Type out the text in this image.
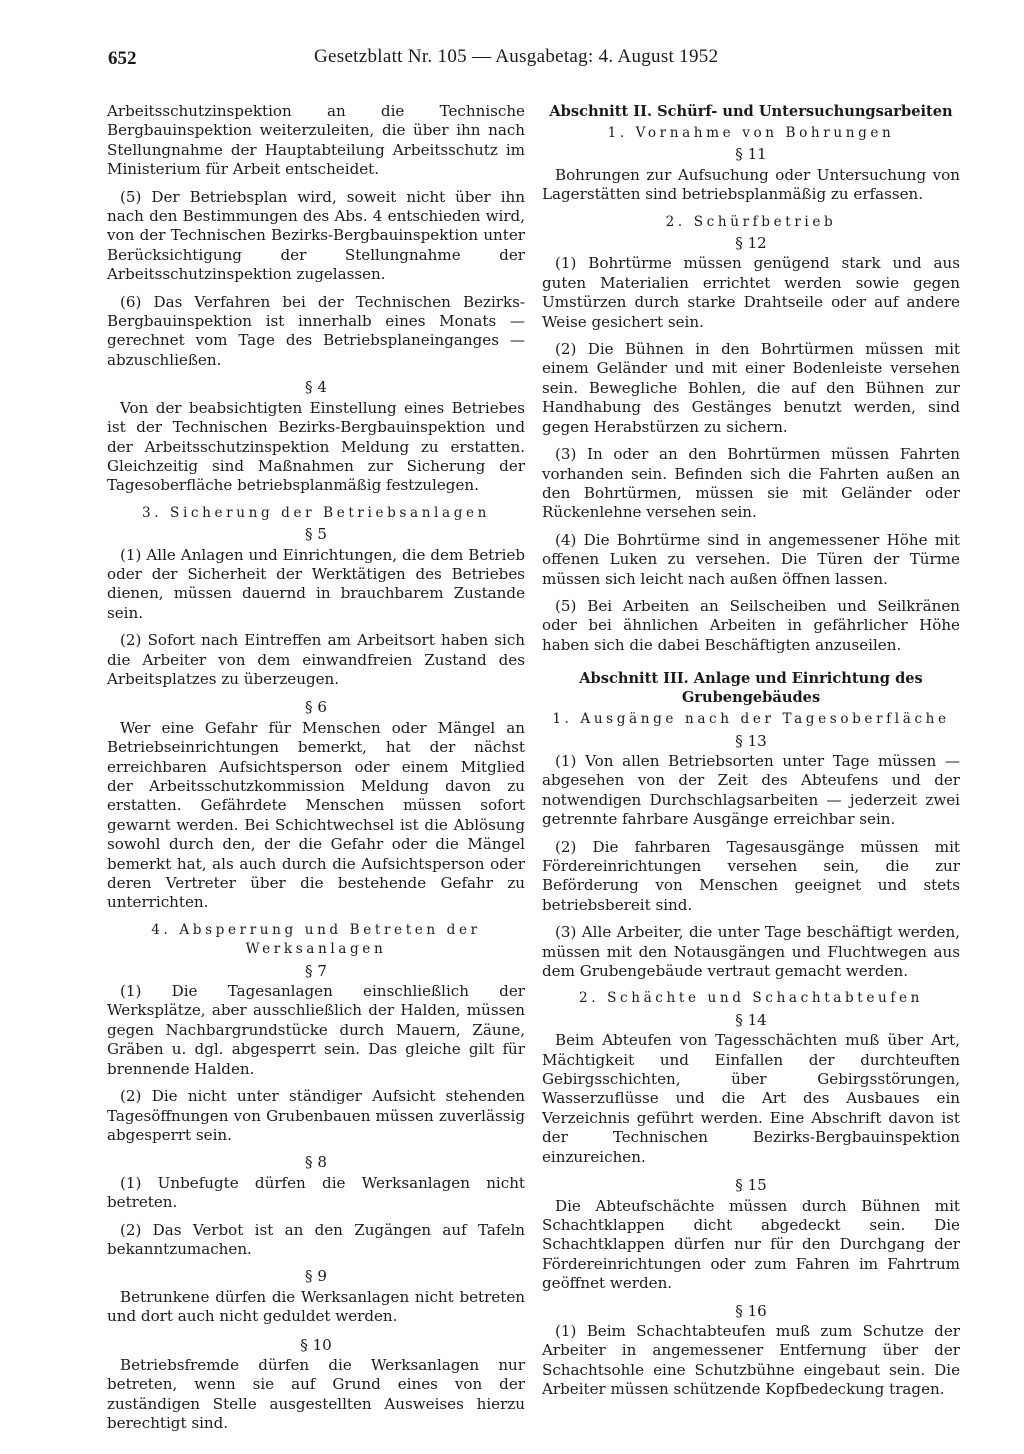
652	Gesetzblatt Nr. 105 — Ausgabetag: 4. August 1952

Arbeitsschutzinspektion an die Technische Bergbauinspektion weiterzuleiten, die über ihn nach Stellungnahme der Hauptabteilung Arbeitsschutz im Ministerium für Arbeit entscheidet.

(5) Der Betriebsplan wird, soweit nicht über ihn nach den Bestimmungen des Abs. 4 entschieden wird, von der Technischen Bezirks-Bergbauinspektion unter Berücksichtigung der Stellungnahme der Arbeitsschutzinspektion zugelassen.

(6) Das Verfahren bei der Technischen Bezirks-Bergbauinspektion ist innerhalb eines Monats — gerechnet vom Tage des Betriebsplaneinganges — abzuschließen.

§ 4

Von der beabsichtigten Einstellung eines Betriebes ist der Technischen Bezirks-Bergbauinspektion und der Arbeitsschutzinspektion Meldung zu erstatten. Gleichzeitig sind Maßnahmen zur Sicherung der Tagesoberfläche betriebsplanmäßig festzulegen.

3. Sicherung der Betriebsanlagen
§ 5

(1) Alle Anlagen und Einrichtungen, die dem Betrieb oder der Sicherheit der Werktätigen des Betriebes dienen, müssen dauernd in brauchbarem Zustande sein.

(2) Sofort nach Eintreffen am Arbeitsort haben sich die Arbeiter von dem einwandfreien Zustand des Arbeitsplatzes zu überzeugen.

§ 6

Wer eine Gefahr für Menschen oder Mängel an Betriebseinrichtungen bemerkt, hat der nächst erreichbaren Aufsichtsperson oder einem Mitglied der Arbeitsschutzkommission Meldung davon zu erstatten. Gefährdete Menschen müssen sofort gewarnt werden. Bei Schichtwechsel ist die Ablösung sowohl durch den, der die Gefahr oder die Mängel bemerkt hat, als auch durch die Aufsichtsperson oder deren Vertreter über die bestehende Gefahr zu unterrichten.

4. Absperrung und Betreten der Werksanlagen
§ 7

(1) Die Tagesanlagen einschließlich der Werksplätze, aber ausschließlich der Halden, müssen gegen Nachbargrundstücke durch Mauern, Zäune, Gräben u. dgl. abgesperrt sein. Das gleiche gilt für brennende Halden.

(2) Die nicht unter ständiger Aufsicht stehenden Tagesöffnungen von Grubenbauen müssen zuverlässig abgesperrt sein.

§ 8

(1) Unbefugte dürfen die Werksanlagen nicht betreten.

(2) Das Verbot ist an den Zugängen auf Tafeln bekanntzumachen.

§ 9

Betrunkene dürfen die Werksanlagen nicht betreten und dort auch nicht geduldet werden.

§ 10

Betriebsfremde dürfen die Werksanlagen nur betreten, wenn sie auf Grund eines von der zuständigen Stelle ausgestellten Ausweises hierzu berechtigt sind.

Abschnitt II. Schürf- und Untersuchungsarbeiten
1. Vornahme von Bohrungen
§ 11

Bohrungen zur Aufsuchung oder Untersuchung von Lagerstätten sind betriebsplanmäßig zu erfassen.

2. Schürfbetrieb
§ 12

(1) Bohrtürme müssen genügend stark und aus guten Materialien errichtet werden sowie gegen Umstürzen durch starke Drahtseile oder auf andere Weise gesichert sein.

(2) Die Bühnen in den Bohrtürmen müssen mit einem Geländer und mit einer Bodenleiste versehen sein. Bewegliche Bohlen, die auf den Bühnen zur Handhabung des Gestänges benutzt werden, sind gegen Herabstürzen zu sichern.

(3) In oder an den Bohrtürmen müssen Fahrten vorhanden sein. Befinden sich die Fahrten außen an den Bohrtürmen, müssen sie mit Geländer oder Rückenlehne versehen sein.

(4) Die Bohrtürme sind in angemessener Höhe mit offenen Luken zu versehen. Die Türen der Türme müssen sich leicht nach außen öffnen lassen.

(5) Bei Arbeiten an Seilscheiben und Seilkränen oder bei ähnlichen Arbeiten in gefährlicher Höhe haben sich die dabei Beschäftigten anzuseilen.

Abschnitt III. Anlage und Einrichtung des Grubengebäudes
1. Ausgänge nach der Tagesoberfläche
§ 13

(1) Von allen Betriebsorten unter Tage müssen — abgesehen von der Zeit des Abteufens und der notwendigen Durchschlagsarbeiten — jederzeit zwei getrennte fahrbare Ausgänge erreichbar sein.

(2) Die fahrbaren Tagesausgänge müssen mit Fördereinrichtungen versehen sein, die zur Beförderung von Menschen geeignet und stets betriebsbereit sind.

(3) Alle Arbeiter, die unter Tage beschäftigt werden, müssen mit den Notausgängen und Fluchtwegen aus dem Grubengebäude vertraut gemacht werden.

2. Schächte und Schachtabteufen
§ 14

Beim Abteufen von Tagesschächten muß über Art, Mächtigkeit und Einfallen der durchteuften Gebirgsschichten, über Gebirgsstörungen, Wasserzuflüsse und die Art des Ausbaues ein Verzeichnis geführt werden. Eine Abschrift davon ist der Technischen Bezirks-Bergbauinspektion einzureichen.

§ 15

Die Abteufschächte müssen durch Bühnen mit Schachtklappen dicht abgedeckt sein. Die Schachtklappen dürfen nur für den Durchgang der Fördereinrichtungen oder zum Fahren im Fahrtrum geöffnet werden.

§ 16

(1) Beim Schachtabteufen muß zum Schutze der Arbeiter in angemessener Entfernung über der Schachtsohle eine Schutzbühne eingebaut sein. Die Arbeiter müssen schützende Kopfbedeckung tragen.
